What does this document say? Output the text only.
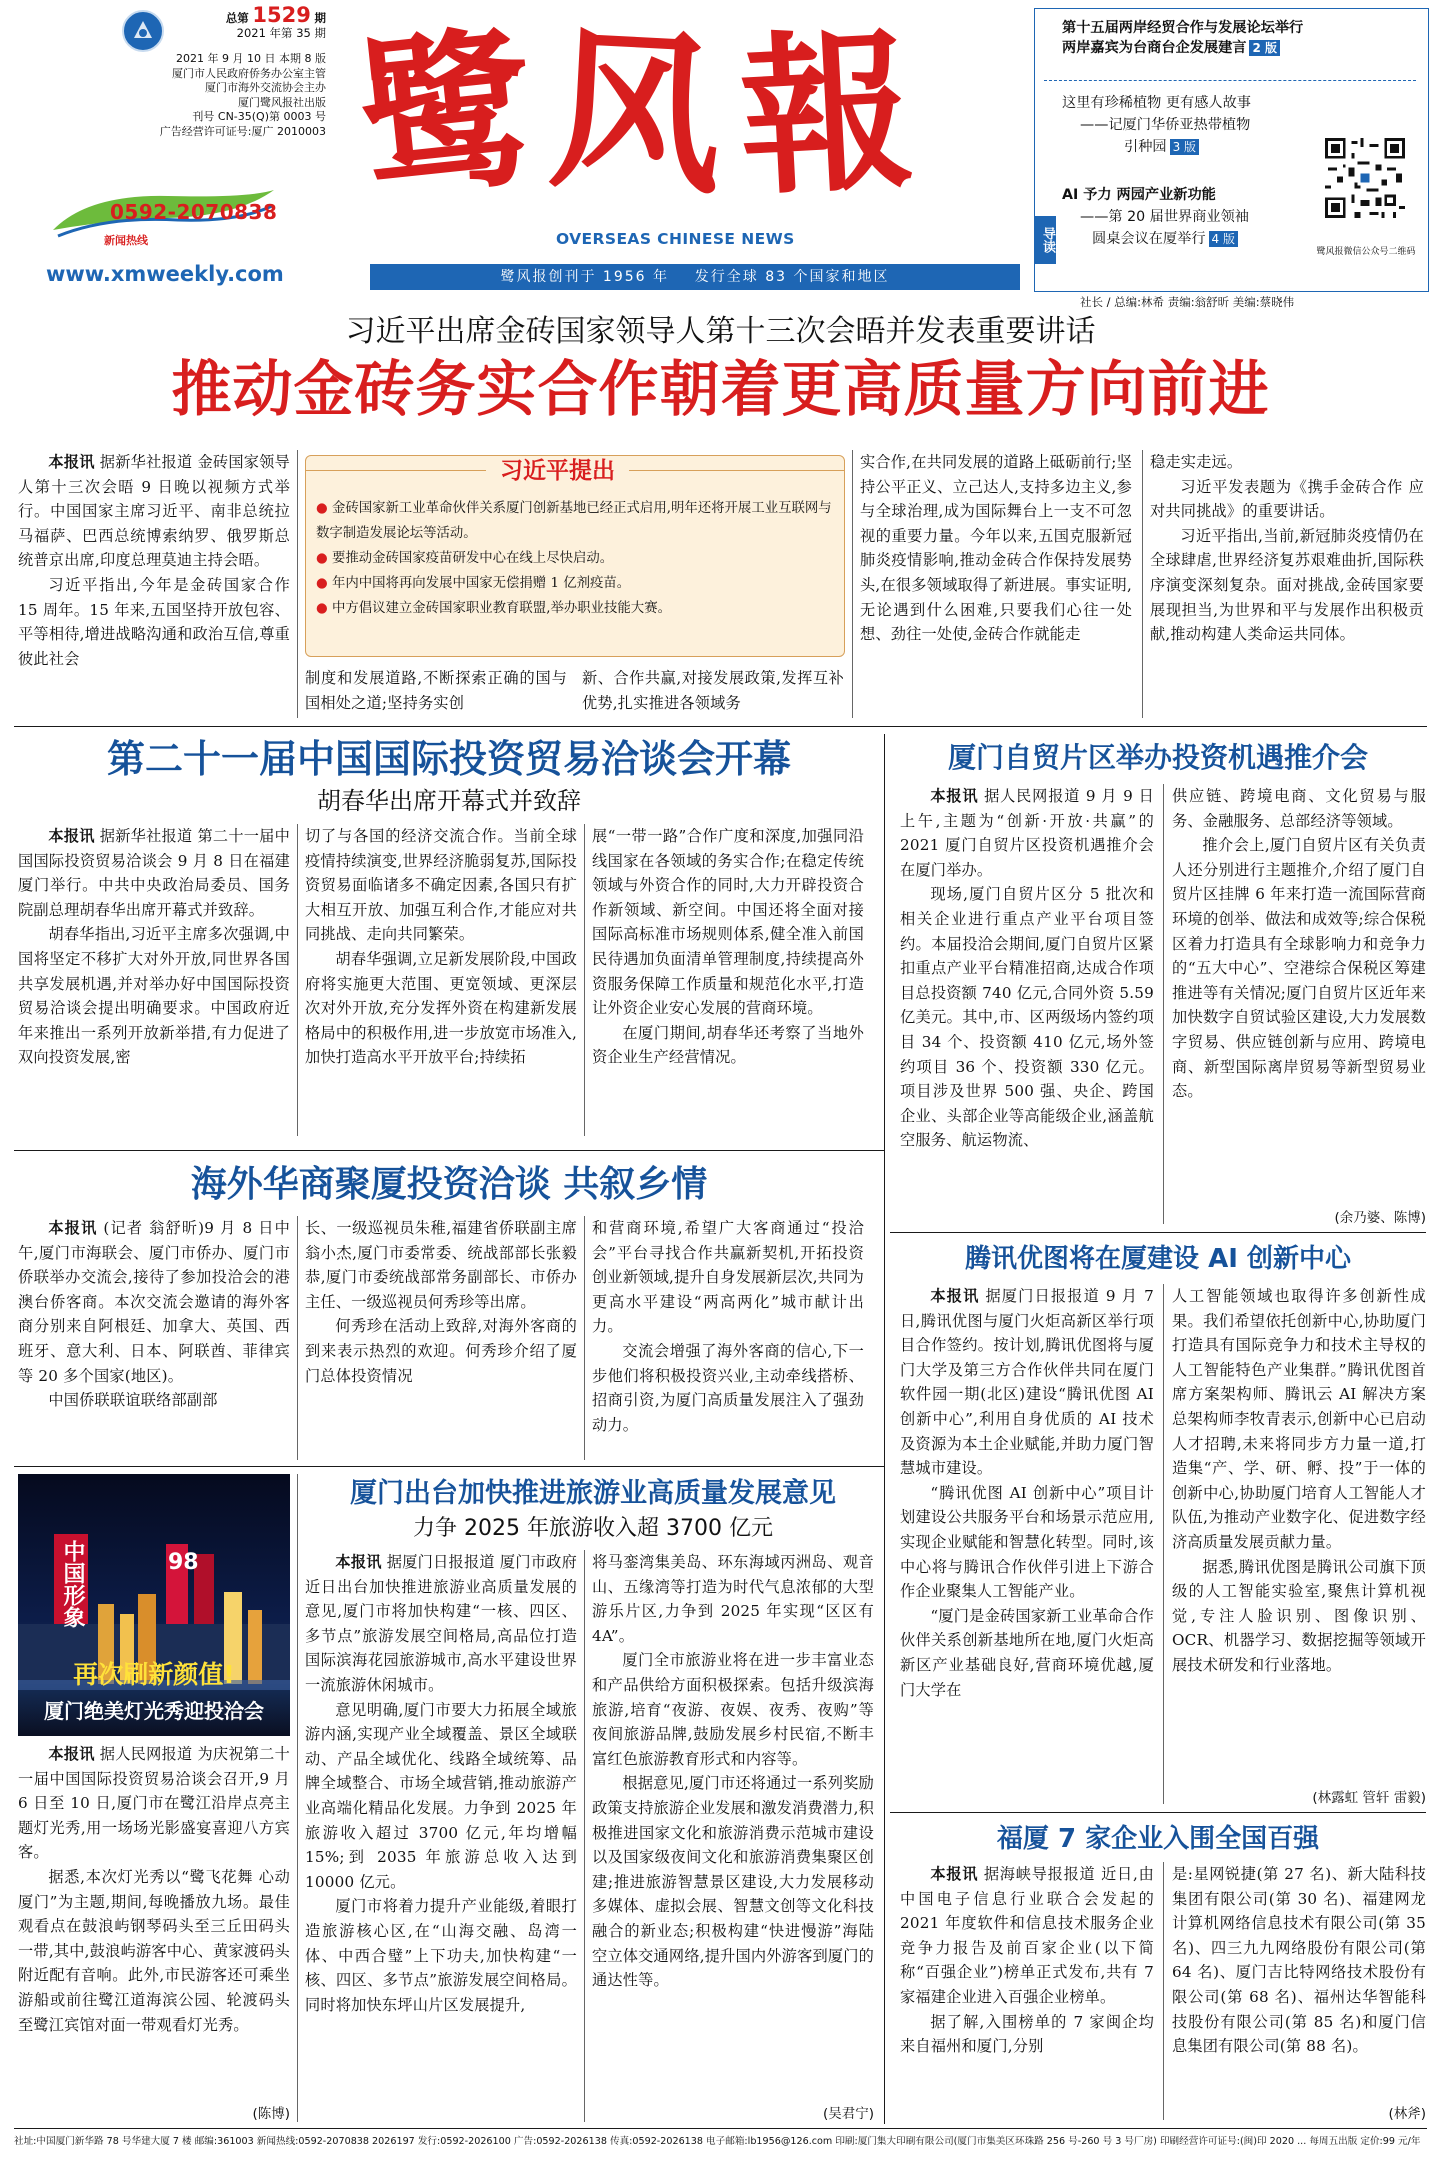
总第 1529 期
2021 年第 35 期
2021 年 9 月 10 日 本期 8 版
厦门市人民政府侨务办公室主管
厦门市海外交流协会主办
厦门鹭风报社出版
刊号 CN-35(Q)第 0003 号
广告经营许可证号:厦广 2010003
0592-2070838
新闻热线
www.xmweekly.com
鹭风報
OVERSEAS CHINESE NEWS
鹭风报创刊于 1956 年    发行全球 83 个国家和地区
第十五届两岸经贸合作与发展论坛举行
两岸嘉宾为台商台企发展建言 2 版
这里有珍稀植物 更有感人故事
——记厦门华侨亚热带植物
引种园 3 版
AI 予力 两园产业新功能
——第 20 届世界商业领袖
圆桌会议在厦举行 4 版
导读	鹭风报微信公众号二维码
社长 / 总编:林希 责编:翁舒昕 美编:蔡晓伟
习近平出席金砖国家领导人第十三次会晤并发表重要讲话
推动金砖务实合作朝着更高质量方向前进

本报讯 据新华社报道 金砖国家领导人第十三次会晤 9 日晚以视频方式举行。中国国家主席习近平、南非总统拉马福萨、巴西总统博索纳罗、俄罗斯总统普京出席,印度总理莫迪主持会晤。

习近平指出,今年是金砖国家合作 15 周年。15 年来,五国坚持开放包容、平等相待,增进战略沟通和政治互信,尊重彼此社会

习近平提出
● 金砖国家新工业革命伙伴关系厦门创新基地已经正式启用,明年还将开展工业互联网与数字制造发展论坛等活动。
● 要推动金砖国家疫苗研发中心在线上尽快启动。
● 年内中国将再向发展中国家无偿捐赠 1 亿剂疫苗。
● 中方倡议建立金砖国家职业教育联盟,举办职业技能大赛。
制度和发展道路,不断探索正确的国与国相处之道;坚持务实创
新、合作共赢,对接发展政策,发挥互补优势,扎实推进各领域务
实合作,在共同发展的道路上砥砺前行;坚持公平正义、立己达人,支持多边主义,参与全球治理,成为国际舞台上一支不可忽视的重要力量。今年以来,五国克服新冠肺炎疫情影响,推动金砖合作保持发展势头,在很多领域取得了新进展。事实证明,无论遇到什么困难,只要我们心往一处想、劲往一处使,金砖合作就能走
稳走实走远。

习近平发表题为《携手金砖合作 应对共同挑战》的重要讲话。

习近平指出,当前,新冠肺炎疫情仍在全球肆虐,世界经济复苏艰难曲折,国际秩序演变深刻复杂。面对挑战,金砖国家要展现担当,为世界和平与发展作出积极贡献,推动构建人类命运共同体。

第二十一届中国国际投资贸易洽谈会开幕
胡春华出席开幕式并致辞

本报讯 据新华社报道 第二十一届中国国际投资贸易洽谈会 9 月 8 日在福建厦门举行。中共中央政治局委员、国务院副总理胡春华出席开幕式并致辞。

胡春华指出,习近平主席多次强调,中国将坚定不移扩大对外开放,同世界各国共享发展机遇,并对举办好中国国际投资贸易洽谈会提出明确要求。中国政府近年来推出一系列开放新举措,有力促进了双向投资发展,密

切了与各国的经济交流合作。当前全球疫情持续演变,世界经济脆弱复苏,国际投资贸易面临诸多不确定因素,各国只有扩大相互开放、加强互利合作,才能应对共同挑战、走向共同繁荣。

胡春华强调,立足新发展阶段,中国政府将实施更大范围、更宽领域、更深层次对外开放,充分发挥外资在构建新发展格局中的积极作用,进一步放宽市场准入,加快打造高水平开放平台;持续拓

展“一带一路”合作广度和深度,加强同沿线国家在各领域的务实合作;在稳定传统领域与外资合作的同时,大力开辟投资合作新领域、新空间。中国还将全面对接国际高标准市场规则体系,健全准入前国民待遇加负面清单管理制度,持续提高外资服务保障工作质量和规范化水平,打造让外资企业安心发展的营商环境。

在厦门期间,胡春华还考察了当地外资企业生产经营情况。

厦门自贸片区举办投资机遇推介会

本报讯 据人民网报道 9 月 9 日上午,主题为“创新·开放·共赢”的 2021 厦门自贸片区投资机遇推介会在厦门举办。

现场,厦门自贸片区分 5 批次和相关企业进行重点产业平台项目签约。本届投洽会期间,厦门自贸片区紧扣重点产业平台精准招商,达成合作项目总投资额 740 亿元,合同外资 5.59 亿美元。其中,市、区两级场内签约项目 34 个、投资额 410 亿元,场外签约项目 36 个、投资额 330 亿元。项目涉及世界 500 强、央企、跨国企业、头部企业等高能级企业,涵盖航空服务、航运物流、

供应链、跨境电商、文化贸易与服务、金融服务、总部经济等领域。

推介会上,厦门自贸片区有关负责人还分别进行主题推介,介绍了厦门自贸片区挂牌 6 年来打造一流国际营商环境的创举、做法和成效等;综合保税区着力打造具有全球影响力和竞争力的“五大中心”、空港综合保税区筹建推进等有关情况;厦门自贸片区近年来加快数字自贸试验区建设,大力发展数字贸易、供应链创新与应用、跨境电商、新型国际离岸贸易等新型贸易业态。

(余乃婆、陈博)
海外华商聚厦投资洽谈 共叙乡情

本报讯 (记者 翁舒昕)9 月 8 日中午,厦门市海联会、厦门市侨办、厦门市侨联举办交流会,接待了参加投洽会的港澳台侨客商。本次交流会邀请的海外客商分别来自阿根廷、加拿大、英国、西班牙、意大利、日本、阿联酋、菲律宾等 20 多个国家(地区)。

中国侨联联谊联络部副部

长、一级巡视员朱稚,福建省侨联副主席翁小杰,厦门市委常委、统战部部长张毅恭,厦门市委统战部常务副部长、市侨办主任、一级巡视员何秀珍等出席。

何秀珍在活动上致辞,对海外客商的到来表示热烈的欢迎。何秀珍介绍了厦门总体投资情况

和营商环境,希望广大客商通过“投洽会”平台寻找合作共赢新契机,开拓投资创业新领域,提升自身发展新层次,共同为更高水平建设“两高两化”城市献计出力。

交流会增强了海外客商的信心,下一步他们将积极投资兴业,主动牵线搭桥、招商引资,为厦门高质量发展注入了强劲动力。

腾讯优图将在厦建设 AI 创新中心

本报讯 据厦门日报报道 9 月 7 日,腾讯优图与厦门火炬高新区举行项目合作签约。按计划,腾讯优图将与厦门大学及第三方合作伙伴共同在厦门软件园一期(北区)建设“腾讯优图 AI 创新中心”,利用自身优质的 AI 技术及资源为本土企业赋能,并助力厦门智慧城市建设。

“腾讯优图 AI 创新中心”项目计划建设公共服务平台和场景示范应用,实现企业赋能和智慧化转型。同时,该中心将与腾讯合作伙伴引进上下游合作企业聚集人工智能产业。

“厦门是金砖国家新工业革命合作伙伴关系创新基地所在地,厦门火炬高新区产业基础良好,营商环境优越,厦门大学在

人工智能领域也取得许多创新性成果。我们希望依托创新中心,协助厦门打造具有国际竞争力和技术主导权的人工智能特色产业集群。”腾讯优图首席方案架构师、腾讯云 AI 解决方案总架构师李牧青表示,创新中心已启动人才招聘,未来将同步方力量一道,打造集“产、学、研、孵、投”于一体的创新中心,协助厦门培育人工智能人才队伍,为推动产业数字化、促进数字经济高质量发展贡献力量。

据悉,腾讯优图是腾讯公司旗下顶级的人工智能实验室,聚焦计算机视觉,专注人脸识别、图像识别、OCR、机器学习、数据挖掘等领域开展技术研发和行业落地。

(林露虹 管轩 雷毅)
福厦 7 家企业入围全国百强

本报讯 据海峡导报报道 近日,由中国电子信息行业联合会发起的 2021 年度软件和信息技术服务企业竞争力报告及前百家企业(以下简称“百强企业”)榜单正式发布,共有 7 家福建企业进入百强企业榜单。

据了解,入围榜单的 7 家闽企均来自福州和厦门,分别

是:星网锐捷(第 27 名)、新大陆科技集团有限公司(第 30 名)、福建网龙计算机网络信息技术有限公司(第 35 名)、四三九九网络股份有限公司(第 64 名)、厦门吉比特网络技术股份有限公司(第 68 名)、福州达华智能科技股份有限公司(第 85 名)和厦门信息集团有限公司(第 88 名)。
(林斧)
中国形象	98
再次刷新颜值!
厦门绝美灯光秀迎投洽会

本报讯 据人民网报道 为庆祝第二十一届中国国际投资贸易洽谈会召开,9 月 6 日至 10 日,厦门市在鹭江沿岸点亮主题灯光秀,用一场场光影盛宴喜迎八方宾客。

据悉,本次灯光秀以“鹭飞花舞 心动厦门”为主题,期间,每晚播放九场。最佳观看点在鼓浪屿钢琴码头至三丘田码头一带,其中,鼓浪屿游客中心、黄家渡码头附近配有音响。此外,市民游客还可乘坐游船或前往鹭江道海滨公园、轮渡码头至鹭江宾馆对面一带观看灯光秀。

(陈博)
厦门出台加快推进旅游业高质量发展意见
力争 2025 年旅游收入超 3700 亿元

本报讯 据厦门日报报道 厦门市政府近日出台加快推进旅游业高质量发展的意见,厦门市将加快构建“一核、四区、多节点”旅游发展空间格局,高品位打造国际滨海花园旅游城市,高水平建设世界一流旅游休闲城市。

意见明确,厦门市要大力拓展全域旅游内涵,实现产业全域覆盖、景区全域联动、产品全域优化、线路全域统筹、品牌全域整合、市场全域营销,推动旅游产业高端化精品化发展。力争到 2025 年旅游收入超过 3700 亿元,年均增幅 15%;到 2035 年旅游总收入达到 10000 亿元。

厦门市将着力提升产业能级,着眼打造旅游核心区,在“山海交融、岛湾一体、中西合璧”上下功夫,加快构建“一核、四区、多节点”旅游发展空间格局。同时将加快东坪山片区发展提升,

将马銮湾集美岛、环东海域丙洲岛、观音山、五缘湾等打造为时代气息浓郁的大型游乐片区,力争到 2025 年实现“区区有 4A”。

厦门全市旅游业将在进一步丰富业态和产品供给方面积极探索。包括升级滨海旅游,培育“夜游、夜娱、夜秀、夜购”等夜间旅游品牌,鼓励发展乡村民宿,不断丰富红色旅游教育形式和内容等。

根据意见,厦门市还将通过一系列奖励政策支持旅游企业发展和激发消费潜力,积极推进国家文化和旅游消费示范城市建设以及国家级夜间文化和旅游消费集聚区创建;推进旅游智慧景区建设,大力发展移动多媒体、虚拟会展、智慧文创等文化科技融合的新业态;积极构建“快进慢游”海陆空立体交通网络,提升国内外游客到厦门的通达性等。

(吴君宁)
社址:中国厦门新华路 78 号华建大厦 7 楼 邮编:361003 新闻热线:0592-2070838 2026197 发行:0592-2026100 广告:0592-2026138 传真:0592-2026138 电子邮箱:lb1956@126.com 印刷:厦门集大印刷有限公司(厦门市集美区环珠路 256 号-260 号 3 号厂房) 印刷经营许可证号:(闽)印 2020 ... 每周五出版 定价:99 元/年
